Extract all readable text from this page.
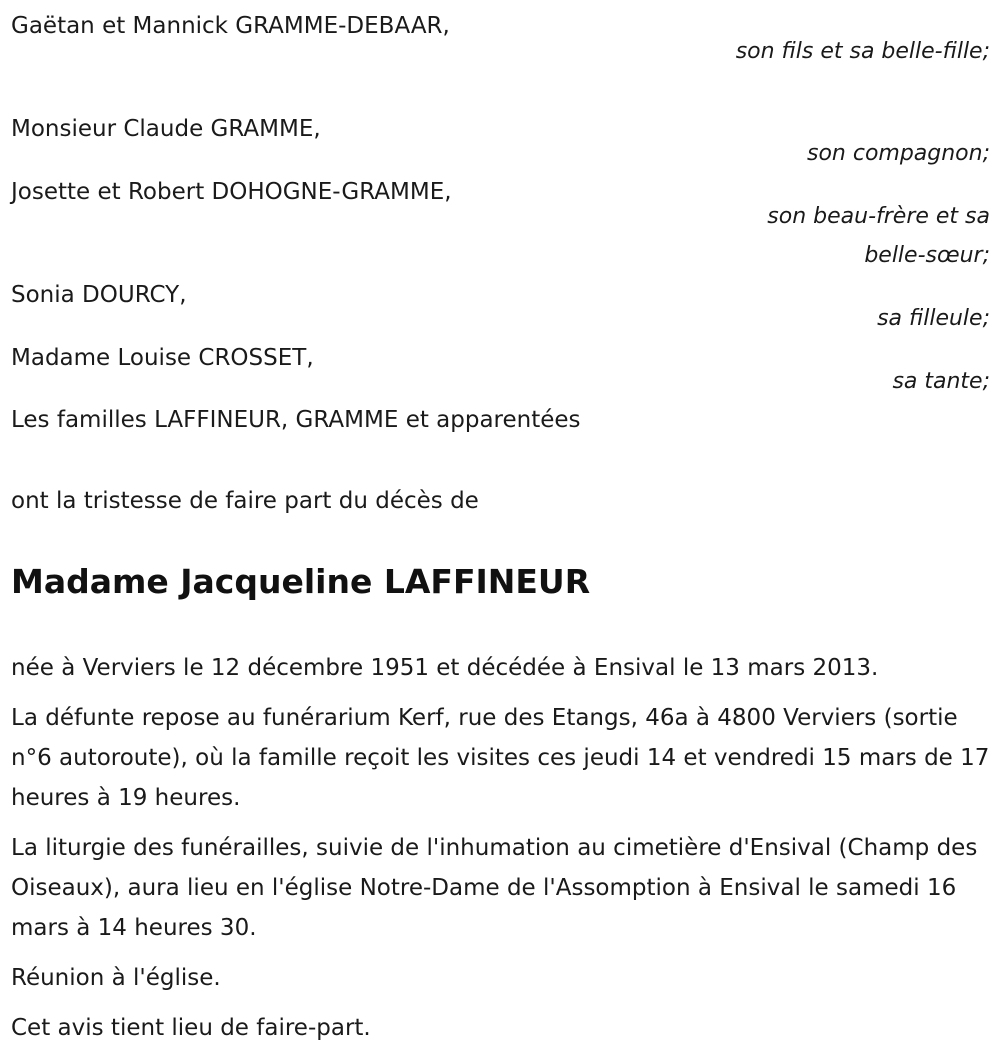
Gaëtan et Mannick GRAMME-DEBAAR,
son fils et sa belle-fille;
Monsieur Claude GRAMME,
son compagnon;
Josette et Robert DOHOGNE-GRAMME,
son beau-frère et sa belle-sœur;
Sonia DOURCY,
sa filleule;
Madame Louise CROSSET,
sa tante;
Les familles LAFFINEUR, GRAMME et apparentées
ont la tristesse de faire part du décès de
Madame Jacqueline LAFFINEUR
née à Verviers le 12 décembre 1951 et décédée à Ensival le 13 mars 2013.
La défunte repose au funérarium Kerf, rue des Etangs, 46a à 4800 Verviers (sortie n°6 autoroute), où la famille reçoit les visites ces jeudi 14 et vendredi 15 mars de 17 heures à 19 heures.
La liturgie des funérailles, suivie de l'inhumation au cimetière d'Ensival (Champ des Oiseaux), aura lieu en l'église Notre-Dame de l'Assomption à Ensival le samedi 16 mars à 14 heures 30.
Réunion à l'église.
Cet avis tient lieu de faire-part.
